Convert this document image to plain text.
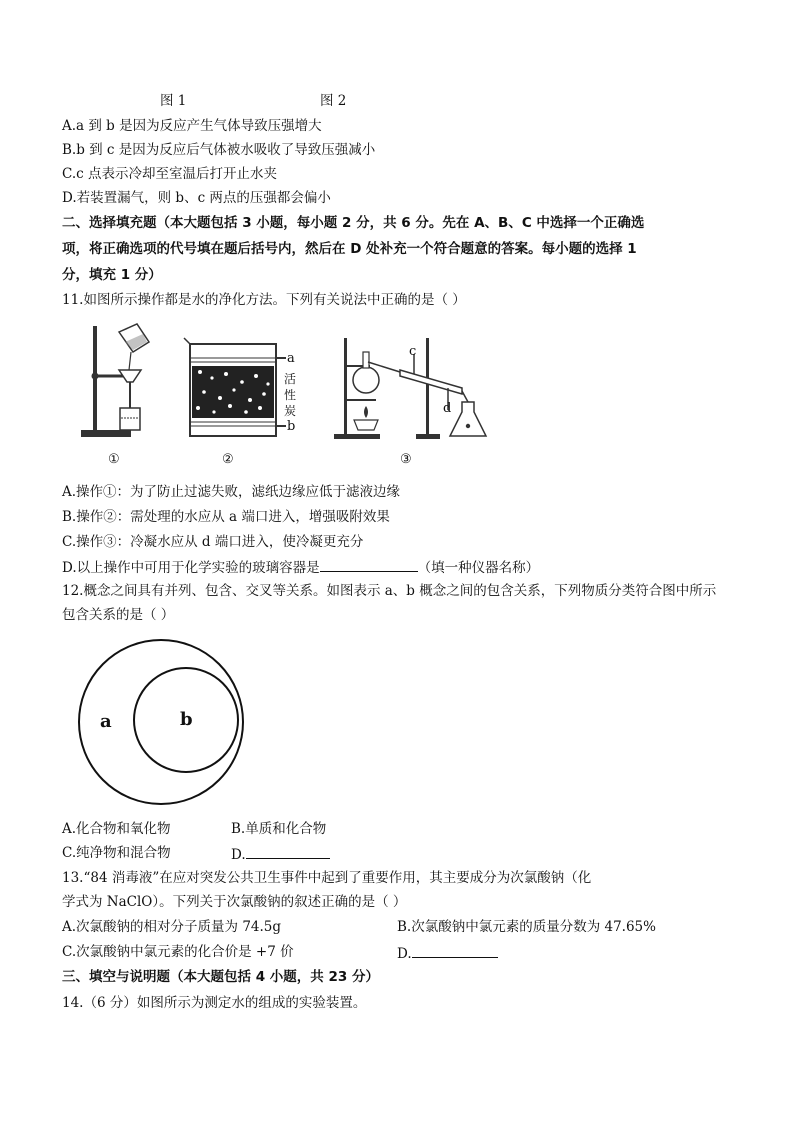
图 1	图 2
A.a 到 b 是因为反应产生气体导致压强增大
B.b 到 c 是因为反应后气体被水吸收了导致压强减小
C.c 点表示冷却至室温后打开止水夹
D.若装置漏气，则 b、c 两点的压强都会偏小
二、选择填充题（本大题包括 3 小题，每小题 2 分，共 6 分。先在 A、B、C 中选择一个正确选
项，将正确选项的代号填在题后括号内，然后在 D 处补充一个符合题意的答案。每小题的选择 1
分，填充 1 分）
11.如图所示操作都是水的净化方法。下列有关说法中正确的是（ ）
a
b
活
性
炭
c
d
①	②	③
A.操作①：为了防止过滤失败，滤纸边缘应低于滤液边缘
B.操作②：需处理的水应从 a 端口进入，增强吸附效果
C.操作③：冷凝水应从 d 端口进入，使冷凝更充分
D.以上操作中可用于化学实验的玻璃容器是	（填一种仪器名称）
12.概念之间具有并列、包含、交叉等关系。如图表示 a、b 概念之间的包含关系，下列物质分类符合图中所示
包含关系的是（ ）
a	b
A.化合物和氧化物	B.单质和化合物
C.纯净物和混合物	D.
13.“84 消毒液”在应对突发公共卫生事件中起到了重要作用，其主要成分为次氯酸钠（化
学式为 NaClO）。下列关于次氯酸钠的叙述正确的是（ ）
A.次氯酸钠的相对分子质量为 74.5g	B.次氯酸钠中氯元素的质量分数为 47.65%
C.次氯酸钠中氯元素的化合价是 +7 价	D.
三、填空与说明题（本大题包括 4 小题，共 23 分）
14.（6 分）如图所示为测定水的组成的实验装置。
